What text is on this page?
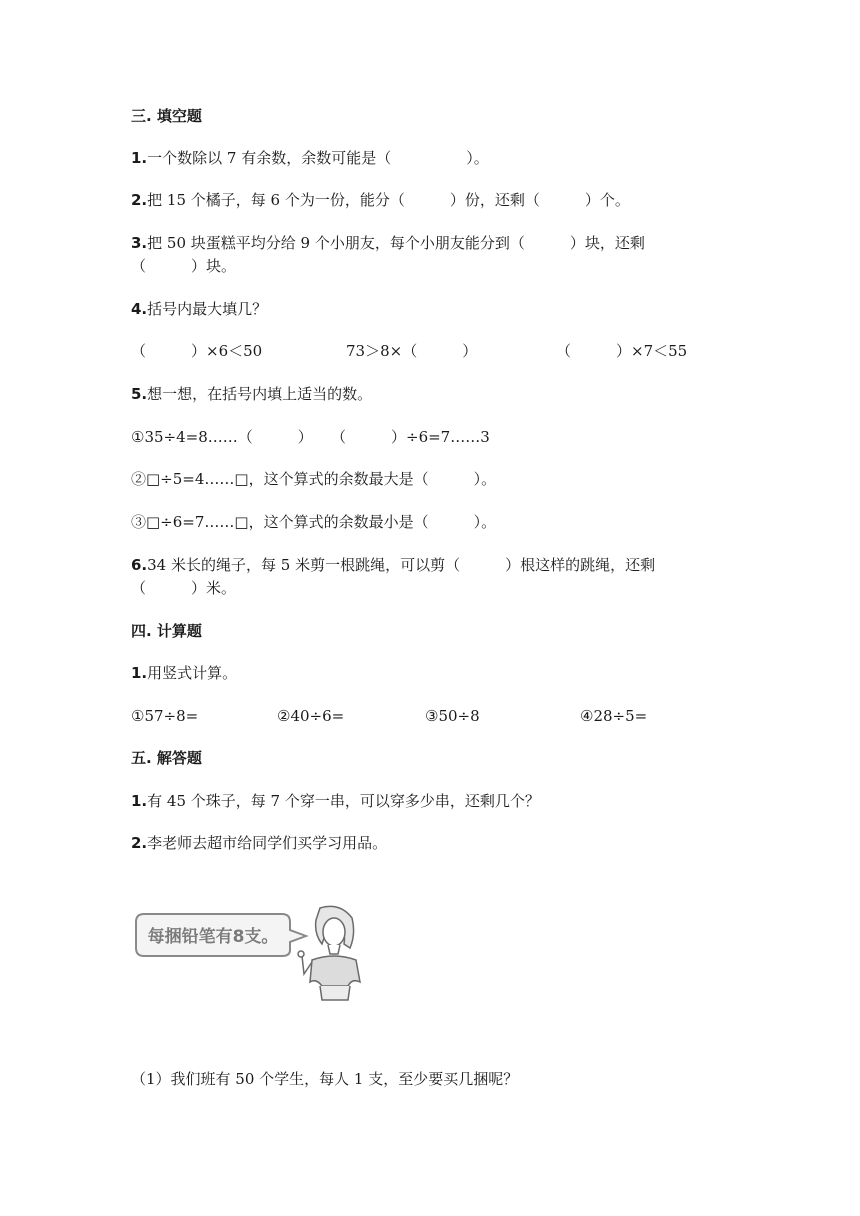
三. 填空题
1.一个数除以 7 有余数，余数可能是（　　　　　）。
2.把 15 个橘子，每 6 个为一份，能分（　　　）份，还剩（　　　）个。
3.把 50 块蛋糕平均分给 9 个小朋友，每个小朋友能分到（　　　）块，还剩
（　　　）块。
4.括号内最大填几？
（　　　）×6＜50	73＞8×（　　　）	（　　　）×7＜55
5.想一想，在括号内填上适当的数。
①35÷4=8……（　　　） （　　　）÷6=7……3
②□÷5=4……□，这个算式的余数最大是（　　　）。
③□÷6=7……□，这个算式的余数最小是（　　　）。
6.34 米长的绳子，每 5 米剪一根跳绳，可以剪（　　　）根这样的跳绳，还剩
（　　　）米。
四. 计算题
1.用竖式计算。
①57÷8=	②40÷6=	③50÷8	④28÷5=
五. 解答题
1.有 45 个珠子，每 7 个穿一串，可以穿多少串，还剩几个？
2.李老师去超市给同学们买学习用品。
每捆铅笔有8支。
（1）我们班有 50 个学生，每人 1 支，至少要买几捆呢？
